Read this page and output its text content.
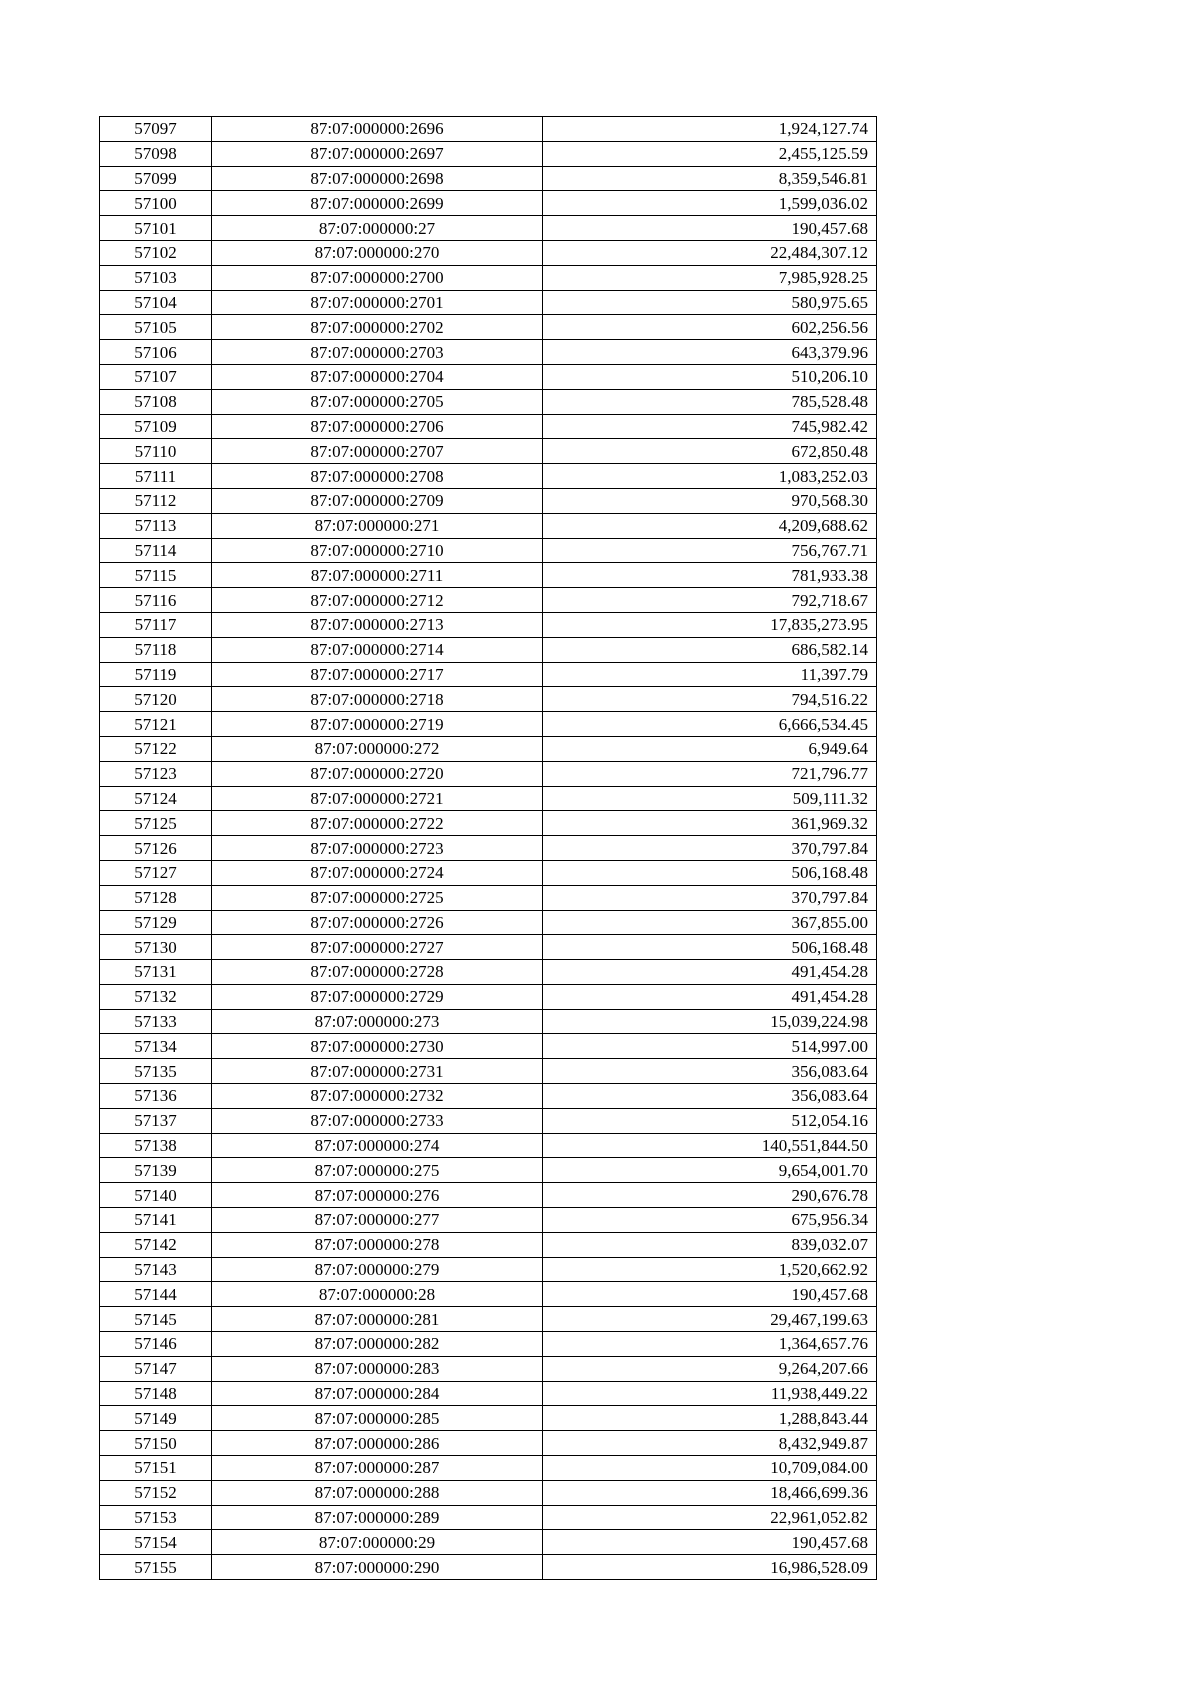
57097	87:07:000000:2696	1,924,127.74
57098	87:07:000000:2697	2,455,125.59
57099	87:07:000000:2698	8,359,546.81
57100	87:07:000000:2699	1,599,036.02
57101	87:07:000000:27	190,457.68
57102	87:07:000000:270	22,484,307.12
57103	87:07:000000:2700	7,985,928.25
57104	87:07:000000:2701	580,975.65
57105	87:07:000000:2702	602,256.56
57106	87:07:000000:2703	643,379.96
57107	87:07:000000:2704	510,206.10
57108	87:07:000000:2705	785,528.48
57109	87:07:000000:2706	745,982.42
57110	87:07:000000:2707	672,850.48
57111	87:07:000000:2708	1,083,252.03
57112	87:07:000000:2709	970,568.30
57113	87:07:000000:271	4,209,688.62
57114	87:07:000000:2710	756,767.71
57115	87:07:000000:2711	781,933.38
57116	87:07:000000:2712	792,718.67
57117	87:07:000000:2713	17,835,273.95
57118	87:07:000000:2714	686,582.14
57119	87:07:000000:2717	11,397.79
57120	87:07:000000:2718	794,516.22
57121	87:07:000000:2719	6,666,534.45
57122	87:07:000000:272	6,949.64
57123	87:07:000000:2720	721,796.77
57124	87:07:000000:2721	509,111.32
57125	87:07:000000:2722	361,969.32
57126	87:07:000000:2723	370,797.84
57127	87:07:000000:2724	506,168.48
57128	87:07:000000:2725	370,797.84
57129	87:07:000000:2726	367,855.00
57130	87:07:000000:2727	506,168.48
57131	87:07:000000:2728	491,454.28
57132	87:07:000000:2729	491,454.28
57133	87:07:000000:273	15,039,224.98
57134	87:07:000000:2730	514,997.00
57135	87:07:000000:2731	356,083.64
57136	87:07:000000:2732	356,083.64
57137	87:07:000000:2733	512,054.16
57138	87:07:000000:274	140,551,844.50
57139	87:07:000000:275	9,654,001.70
57140	87:07:000000:276	290,676.78
57141	87:07:000000:277	675,956.34
57142	87:07:000000:278	839,032.07
57143	87:07:000000:279	1,520,662.92
57144	87:07:000000:28	190,457.68
57145	87:07:000000:281	29,467,199.63
57146	87:07:000000:282	1,364,657.76
57147	87:07:000000:283	9,264,207.66
57148	87:07:000000:284	11,938,449.22
57149	87:07:000000:285	1,288,843.44
57150	87:07:000000:286	8,432,949.87
57151	87:07:000000:287	10,709,084.00
57152	87:07:000000:288	18,466,699.36
57153	87:07:000000:289	22,961,052.82
57154	87:07:000000:29	190,457.68
57155	87:07:000000:290	16,986,528.09
